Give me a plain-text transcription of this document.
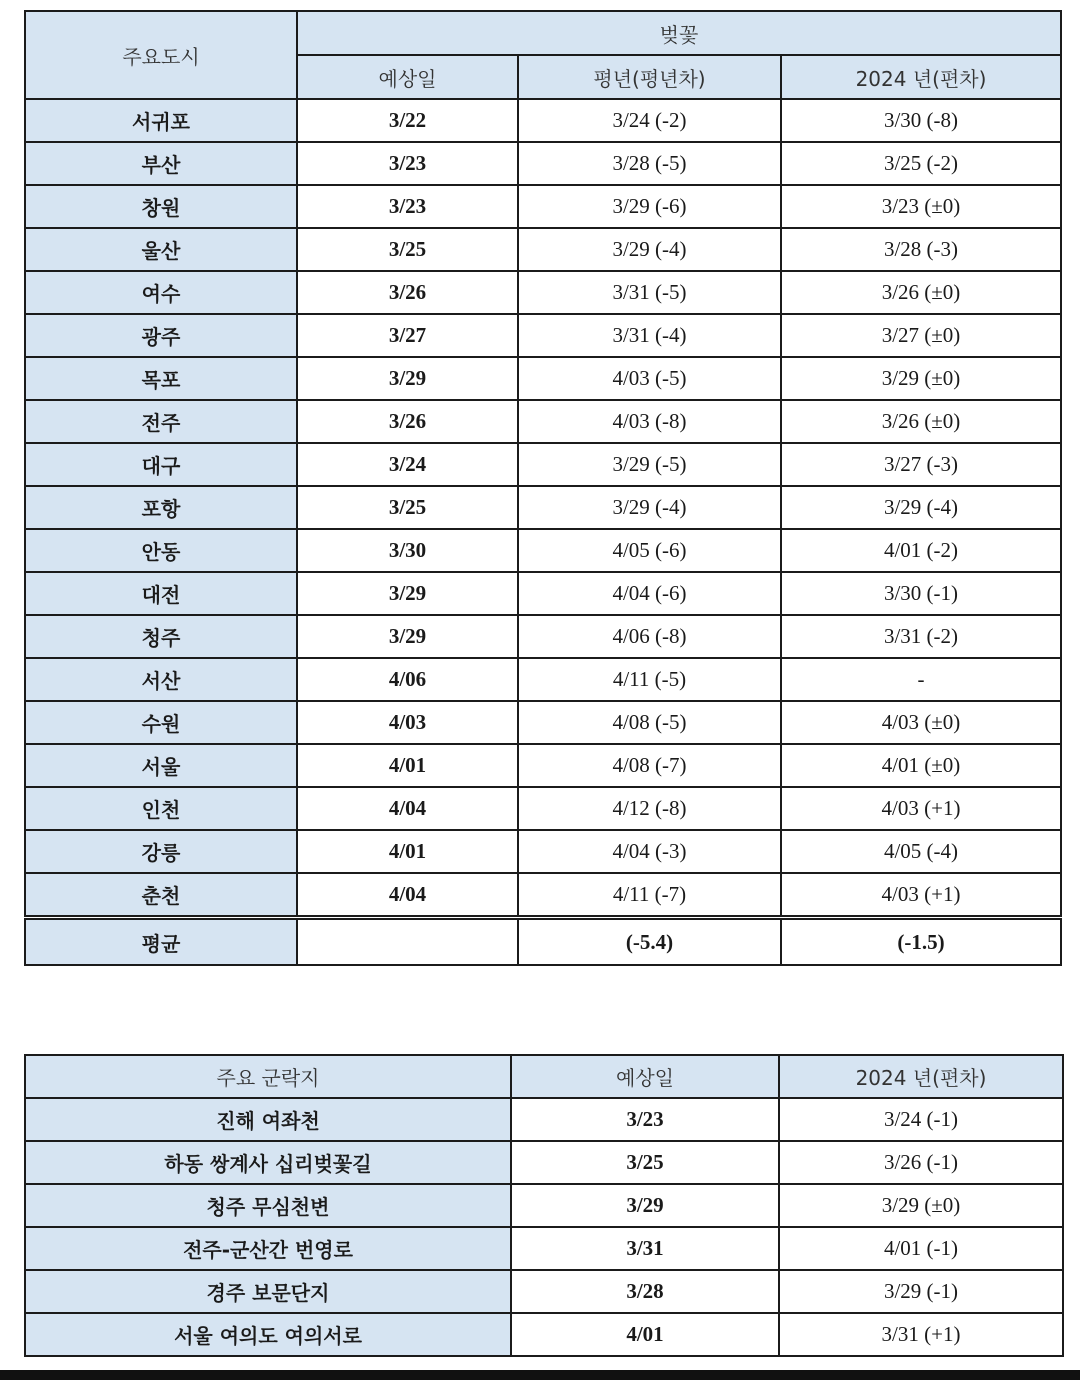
주요도시	벚꽃		
	예상일	평년(평년차)	2024 년(편차)
서귀포	3/22	3/24 (-2)	3/30 (-8)
부산	3/23	3/28 (-5)	3/25 (-2)
창원	3/23	3/29 (-6)	3/23 (±0)
울산	3/25	3/29 (-4)	3/28 (-3)
여수	3/26	3/31 (-5)	3/26 (±0)
광주	3/27	3/31 (-4)	3/27 (±0)
목포	3/29	4/03 (-5)	3/29 (±0)
전주	3/26	4/03 (-8)	3/26 (±0)
대구	3/24	3/29 (-5)	3/27 (-3)
포항	3/25	3/29 (-4)	3/29 (-4)
안동	3/30	4/05 (-6)	4/01 (-2)
대전	3/29	4/04 (-6)	3/30 (-1)
청주	3/29	4/06 (-8)	3/31 (-2)
서산	4/06	4/11 (-5)	-
수원	4/03	4/08 (-5)	4/03 (±0)
서울	4/01	4/08 (-7)	4/01 (±0)
인천	4/04	4/12 (-8)	4/03 (+1)
강릉	4/01	4/04 (-3)	4/05 (-4)
춘천	4/04	4/11 (-7)	4/03 (+1)
평균		(-5.4)	(-1.5)
주요 군락지	예상일	2024 년(편차)
진해 여좌천	3/23	3/24 (-1)
하동 쌍계사 십리벚꽃길	3/25	3/26 (-1)
청주 무심천변	3/29	3/29 (±0)
전주-군산간 번영로	3/31	4/01 (-1)
경주 보문단지	3/28	3/29 (-1)
서울 여의도 여의서로	4/01	3/31 (+1)
